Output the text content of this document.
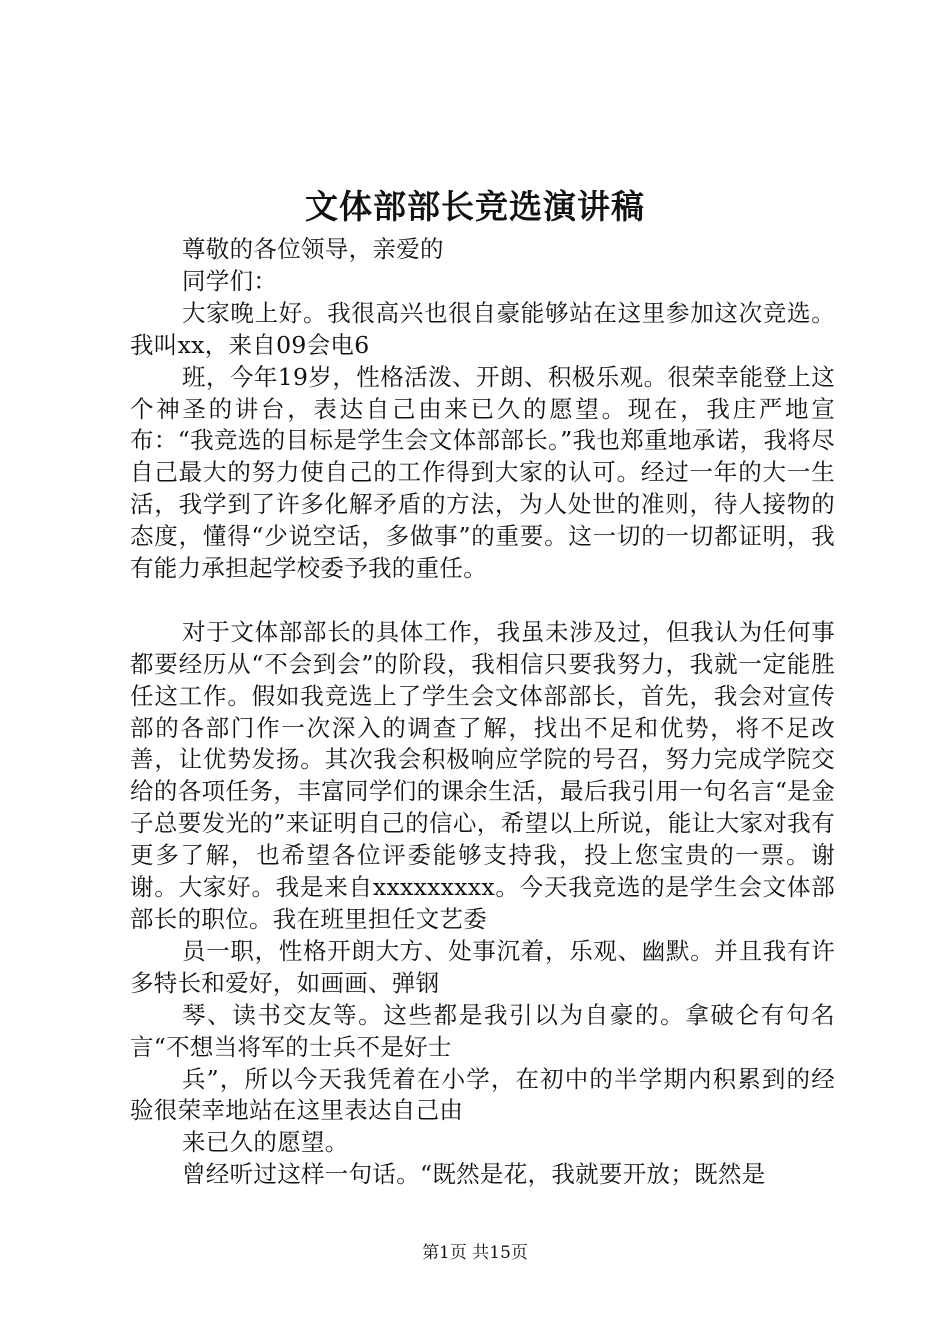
文体部部长竞选演讲稿

尊敬的各位领导，亲爱的

同学们：

大家晚上好。我很高兴也很自豪能够站在这里参加这次竞选。我叫xx，来自09会电6

班，今年19岁，性格活泼、开朗、积极乐观。很荣幸能登上这个神圣的讲台，表达自己由来已久的愿望。现在，我庄严地宣布：“我竞选的目标是学生会文体部部长。”我也郑重地承诺，我将尽自己最大的努力使自己的工作得到大家的认可。经过一年的大一生活，我学到了许多化解矛盾的方法，为人处世的准则，待人接物的态度，懂得“少说空话，多做事”的重要。这一切的一切都证明，我有能力承担起学校委予我的重任。

对于文体部部长的具体工作，我虽未涉及过，但我认为任何事都要经历从“不会到会”的阶段，我相信只要我努力，我就一定能胜任这工作。假如我竞选上了学生会文体部部长，首先，我会对宣传部的各部门作一次深入的调查了解，找出不足和优势，将不足改善，让优势发扬。其次我会积极响应学院的号召，努力完成学院交给的各项任务，丰富同学们的课余生活，最后我引用一句名言“是金子总要发光的”来证明自己的信心，希望以上所说，能让大家对我有更多了解，也希望各位评委能够支持我，投上您宝贵的一票。谢谢。大家好。我是来自xxxxxxxxx。今天我竞选的是学生会文体部部长的职位。我在班里担任文艺委

员一职，性格开朗大方、处事沉着，乐观、幽默。并且我有许多特长和爱好，如画画、弹钢

琴、读书交友等。这些都是我引以为自豪的。拿破仑有句名言“不想当将军的士兵不是好士

兵”，所以今天我凭着在小学，在初中的半学期内积累到的经验很荣幸地站在这里表达自己由

来已久的愿望。

曾经听过这样一句话。“既然是花，我就要开放；既然是

第1页 共15页
